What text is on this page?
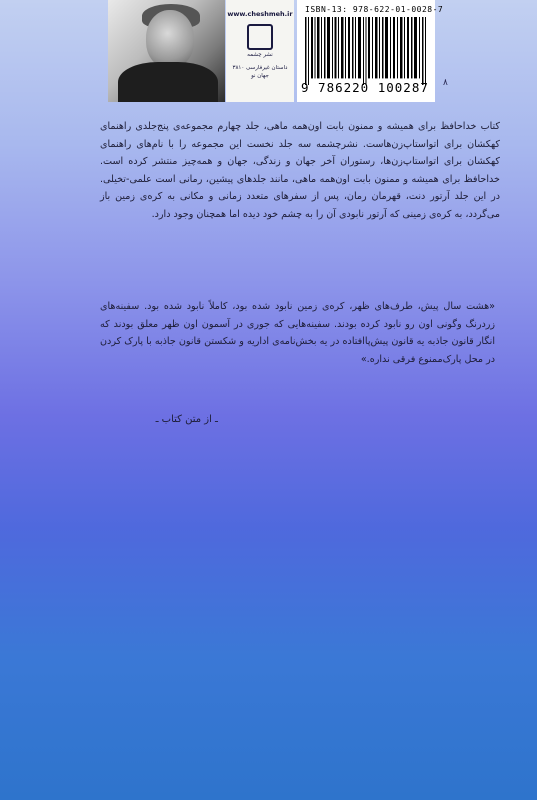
www.cheshmeh.ir
نشر چشمه
داستان غیرفارسی ۳۸۱۰
جهان نو
ISBN-13: 978-622-01-0028-7
9 786220 100287 ۸
کتاب خداحافظ برای همیشه و ممنون بابت اون‌همه ماهی، جلد چهارم مجموعه‌ی پنج‌جلدی راهنمای کهکشان برای اتواستاپ‌زن‌هاست. نشرچشمه سه جلد نخست این مجموعه را با نام‌های راهنمای کهکشان برای اتواستاپ‌زن‌ها، رستوران آخر جهان و زندگی، جهان و همه‌چیز منتشر کرده است. خداحافظ برای همیشه و ممنون بابت اون‌همه ماهی، مانند جلدهای پیشین، رمانی است علمی-تخیلی. در این جلد آرتور دنت، قهرمان رمان، پس از سفرهای متعدد زمانی و مکانی به کره‌ی زمین باز می‌گردد، به کره‌ی زمینی که آرتور نابودی آن را به چشم خود دیده اما همچنان وجود دارد.
«هشت سال پیش، طرف‌های ظهر، کره‌ی زمین نابود شده بود، کاملاً نابود شده بود. سفینه‌های زردرنگ وگونی اون رو نابود کرده بودند. سفینه‌هایی که جوری در آسمون اون ظهر معلق بودند که انگار قانون جاذبه یه قانون پیش‌پاافتاده در یه بخش‌نامه‌ی اداریه و شکستن قانون جاذبه با پارک کردن در محل پارک‌ممنوع فرقی نداره.»
ـ از متن کتاب ـ
